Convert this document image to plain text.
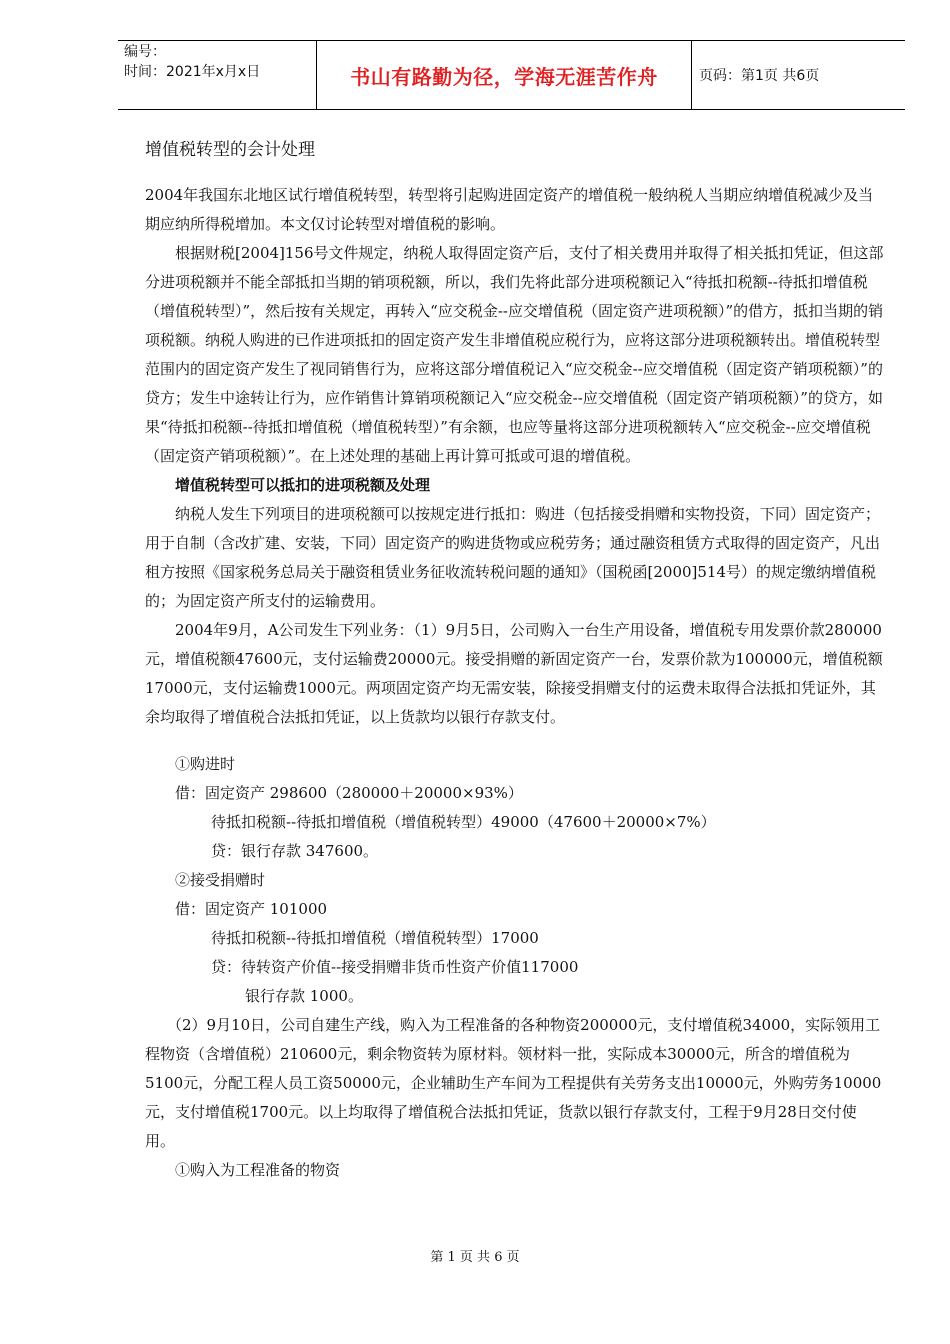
编号：
时间：2021年x月x日	书山有路勤为径，学海无涯苦作舟	页码：第1页 共6页

增值税转型的会计处理

2004年我国东北地区试行增值税转型，转型将引起购进固定资产的增值税一般纳税人当期应纳增值税减少及当期应纳所得税增加。本文仅讨论转型对增值税的影响。

根据财税[2004]156号文件规定，纳税人取得固定资产后，支付了相关费用并取得了相关抵扣凭证，但这部分进项税额并不能全部抵扣当期的销项税额，所以，我们先将此部分进项税额记入“待抵扣税额--待抵扣增值税（增值税转型）”，然后按有关规定，再转入“应交税金--应交增值税（固定资产进项税额）”的借方，抵扣当期的销项税额。纳税人购进的已作进项抵扣的固定资产发生非增值税应税行为，应将这部分进项税额转出。增值税转型范围内的固定资产发生了视同销售行为，应将这部分增值税记入“应交税金--应交增值税（固定资产销项税额）”的贷方；发生中途转让行为，应作销售计算销项税额记入“应交税金--应交增值税（固定资产销项税额）”的贷方，如果“待抵扣税额--待抵扣增值税（增值税转型）”有余额，也应等量将这部分进项税额转入“应交税金--应交增值税（固定资产销项税额）”。在上述处理的基础上再计算可抵或可退的增值税。

增值税转型可以抵扣的进项税额及处理

纳税人发生下列项目的进项税额可以按规定进行抵扣：购进（包括接受捐赠和实物投资，下同）固定资产；用于自制（含改扩建、安装，下同）固定资产的购进货物或应税劳务；通过融资租赁方式取得的固定资产，凡出租方按照《国家税务总局关于融资租赁业务征收流转税问题的通知》（国税函[2000]514号）的规定缴纳增值税的；为固定资产所支付的运输费用。

2004年9月，A公司发生下列业务：（1）9月5日，公司购入一台生产用设备，增值税专用发票价款280000元，增值税额47600元，支付运输费20000元。接受捐赠的新固定资产一台，发票价款为100000元，增值税额17000元，支付运输费1000元。两项固定资产均无需安装，除接受捐赠支付的运费未取得合法抵扣凭证外，其余均取得了增值税合法抵扣凭证，以上货款均以银行存款支付。

①购进时

借：固定资产 298600（280000＋20000×93%）

待抵扣税额--待抵扣增值税（增值税转型）49000（47600＋20000×7%）

贷：银行存款 347600。

②接受捐赠时

借：固定资产 101000

待抵扣税额--待抵扣增值税（增值税转型）17000

贷：待转资产价值--接受捐赠非货币性资产价值117000

银行存款 1000。

（2）9月10日，公司自建生产线，购入为工程准备的各种物资200000元，支付增值税34000，实际领用工程物资（含增值税）210600元，剩余物资转为原材料。领材料一批，实际成本30000元，所含的增值税为5100元，分配工程人员工资50000元，企业辅助生产车间为工程提供有关劳务支出10000元，外购劳务10000元，支付增值税1700元。以上均取得了增值税合法抵扣凭证，货款以银行存款支付，工程于9月28日交付使用。

①购入为工程准备的物资

第 1 页 共 6 页
